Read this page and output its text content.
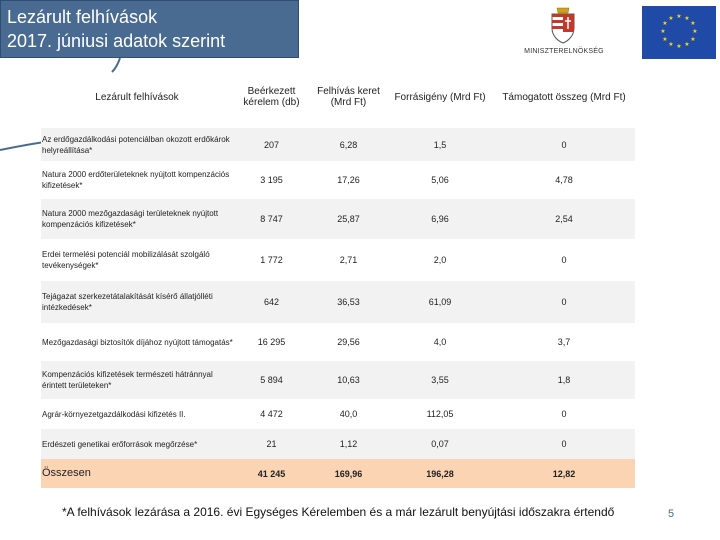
Lezárult felhívások
2017. júniusi adatok szerint
MINISZTERELNÖKSÉG
★ ★
★
★
★
★
★
★
★
★
★
★
Lezárult felhívások	Beérkezett kérelem (db)	Felhívás keret (Mrd Ft)	Forrásigény (Mrd Ft)	Támogatott összeg (Mrd Ft)
Az erdőgazdálkodási potenciálban okozott erdőkárok helyreállítása*	207	6,28	1,5	0
Natura 2000 erdőterületeknek nyújtott kompenzációs kifizetések*	3 195	17,26	5,06	4,78
Natura 2000 mezőgazdasági területeknek nyújtott kompenzációs kifizetések*	8 747	25,87	6,96	2,54
Erdei termelési potenciál mobilizálását szolgáló tevékenységek*	1 772	2,71	2,0	0
Tejágazat szerkezetátalakítását kísérő állatjólléti intézkedések*	642	36,53	61,09	0
Mezőgazdasági biztosítók díjához nyújtott támogatás*	16 295	29,56	4,0	3,7
Kompenzációs kifizetések természeti hátránnyal érintett területeken*	5 894	10,63	3,55	1,8
Agrár-környezetgazdálkodási kifizetés II.	4 472	40,0	112,05	0
Erdészeti genetikai erőforrások megőrzése*	21	1,12	0,07	0
Összesen	41 245	169,96	196,28	12,82
*A felhívások lezárása a 2016. évi Egységes Kérelemben és a már lezárult benyújtási időszakra értendő	5
